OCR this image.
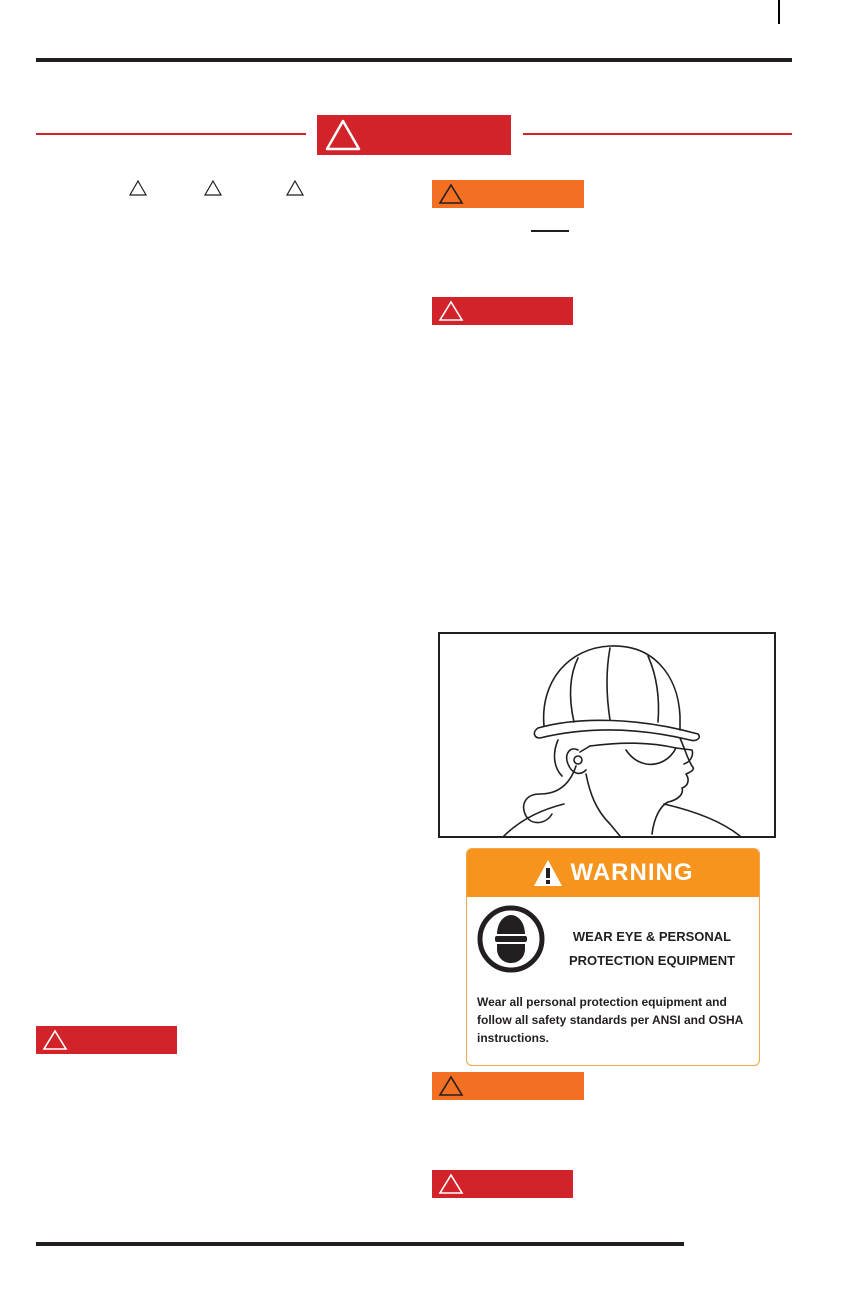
WARNING
WEAR EYE & PERSONAL
PROTECTION EQUIPMENT
Wear all personal protection equipment and follow all safety standards per ANSI and OSHA instructions.
